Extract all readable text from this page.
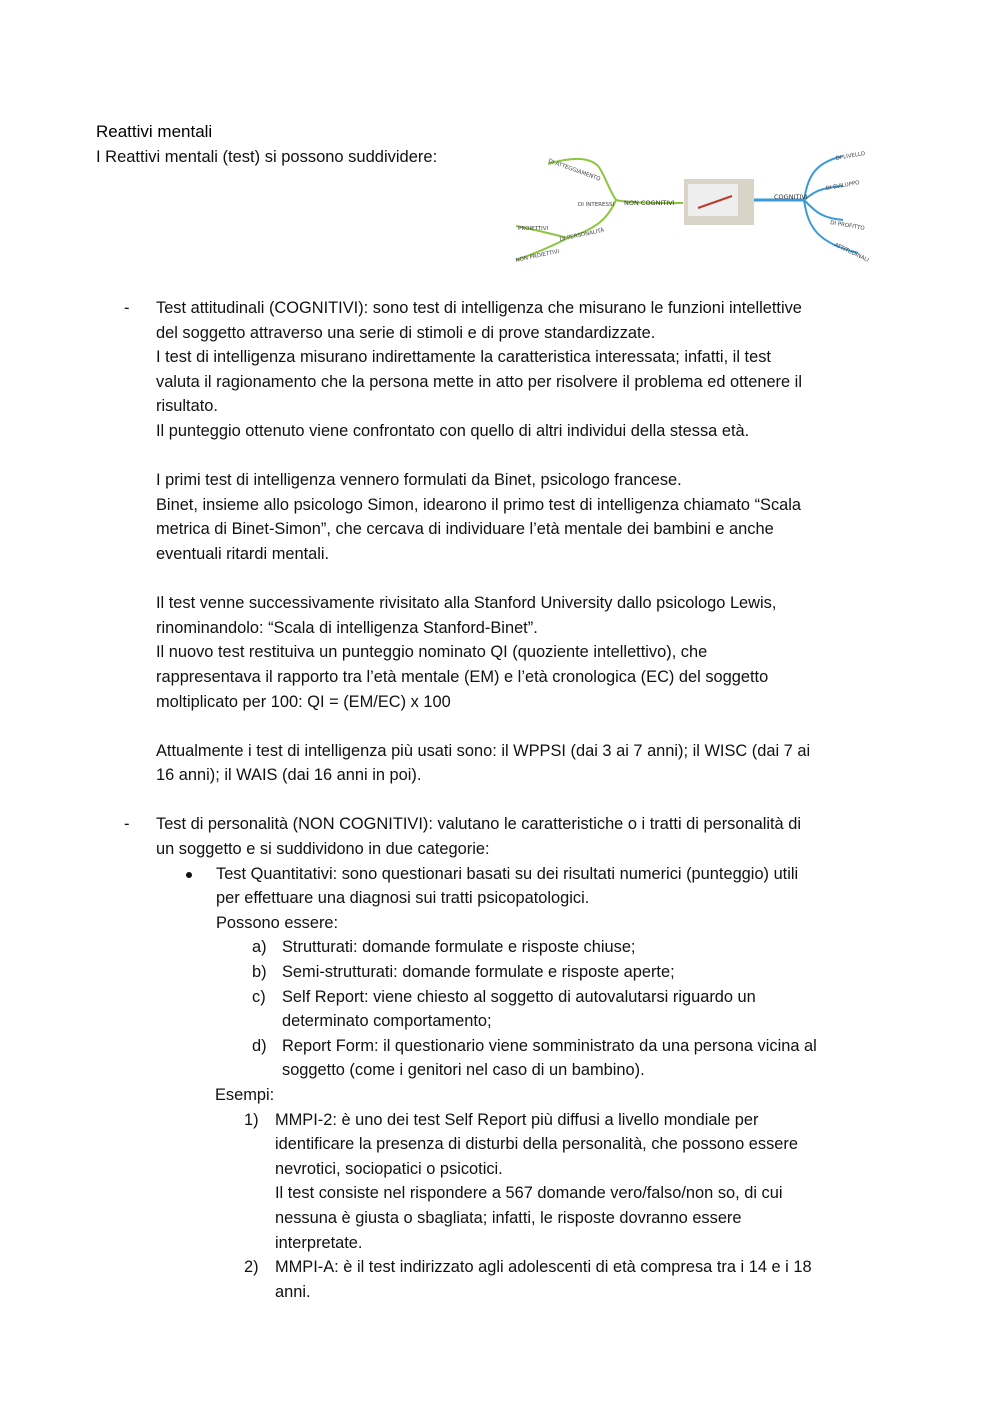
Reattivi mentali

I Reattivi mentali (test) si possono suddividere:

DI ATTEGGIAMENTO
DI INTERESSI
DI PERSONALITÀ
PROIETTIVI
NON PROIETTIVI
NON COGNITIVI
COGNITIVI
DI LIVELLO
DI SVILUPPO
DI PROFITTO
ATTITUDINALI
- Test attitudinali (COGNITIVI): sono test di intelligenza che misurano le funzioni intellettive

del soggetto attraverso una serie di stimoli e di prove standardizzate.

I test di intelligenza misurano indirettamente la caratteristica interessata; infatti, il test

valuta il ragionamento che la persona mette in atto per risolvere il problema ed ottenere il

risultato.

Il punteggio ottenuto viene confrontato con quello di altri individui della stessa età.

I primi test di intelligenza vennero formulati da Binet, psicologo francese.

Binet, insieme allo psicologo Simon, idearono il primo test di intelligenza chiamato “Scala

metrica di Binet-Simon”, che cercava di individuare l’età mentale dei bambini e anche

eventuali ritardi mentali.

Il test venne successivamente rivisitato alla Stanford University dallo psicologo Lewis,

rinominandolo: “Scala di intelligenza Stanford-Binet”.

Il nuovo test restituiva un punteggio nominato QI (quoziente intellettivo), che

rappresentava il rapporto tra l’età mentale (EM) e l’età cronologica (EC) del soggetto

moltiplicato per 100: QI = (EM/EC) x 100

Attualmente i test di intelligenza più usati sono: il WPPSI (dai 3 ai 7 anni); il WISC (dai 7 ai

16 anni); il WAIS (dai 16 anni in poi).

- Test di personalità (NON COGNITIVI): valutano le caratteristiche o i tratti di personalità di

un soggetto e si suddividono in due categorie:

Test Quantitativi: sono questionari basati su dei risultati numerici (punteggio) utili

per effettuare una diagnosi sui tratti psicopatologici.

Possono essere:

a) Strutturati: domande formulate e risposte chiuse;

b) Semi-strutturati: domande formulate e risposte aperte;

c) Self Report: viene chiesto al soggetto di autovalutarsi riguardo un

determinato comportamento;

d) Report Form: il questionario viene somministrato da una persona vicina al

soggetto (come i genitori nel caso di un bambino).

Esempi:

1) MMPI-2: è uno dei test Self Report più diffusi a livello mondiale per

identificare la presenza di disturbi della personalità, che possono essere

nevrotici, sociopatici o psicotici.

Il test consiste nel rispondere a 567 domande vero/falso/non so, di cui

nessuna è giusta o sbagliata; infatti, le risposte dovranno essere

interpretate.

2) MMPI-A: è il test indirizzato agli adolescenti di età compresa tra i 14 e i 18

anni.
